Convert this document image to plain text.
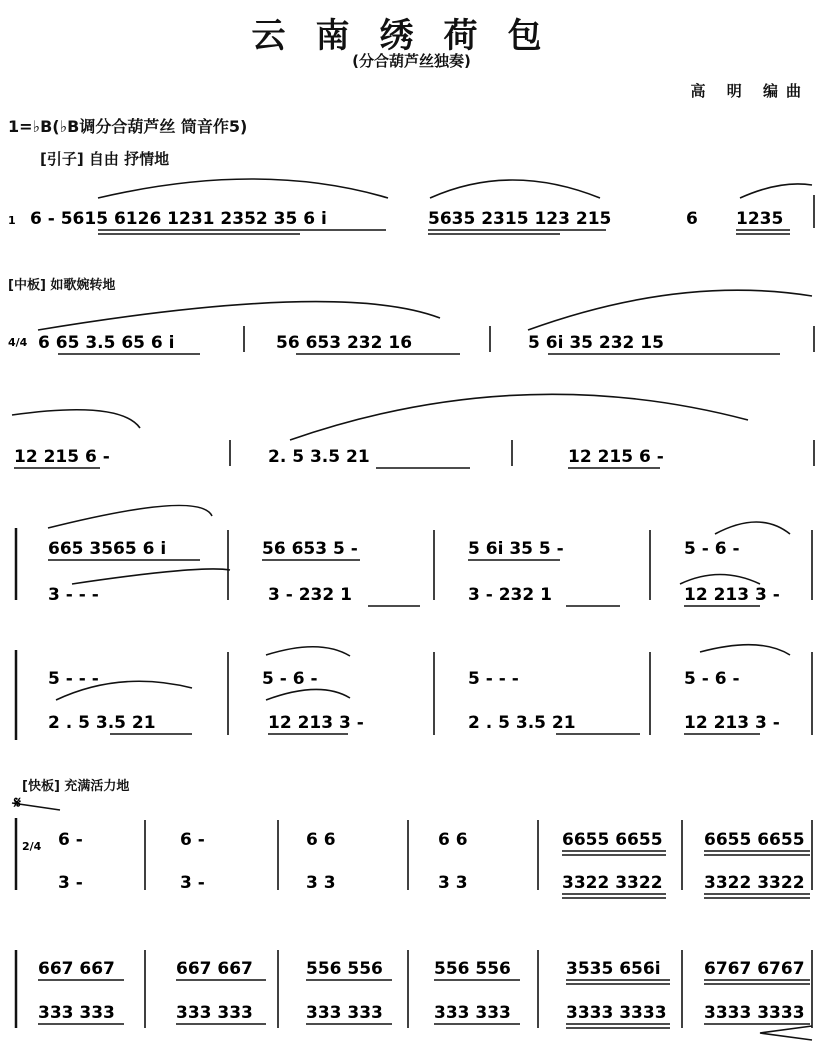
云南绣荷包
(分合葫芦丝独奏)
高 明 编曲
1=♭B(♭B调分合葫芦丝 筒音作5)
[引子] 自由 抒情地
[中板] 如歌婉转地
[快板] 充满活力地
6 - 5615 6126 1231 2352 35 6 i	5635 2315 123 215	6 1235
1
4/4 6 65 3.5 65 6 i	56 653 232 16	5 6i 35 232 15
12 215 6 -	2. 5 3.5 21	12 215 6 -
665 3565 6 i	56 653 5 -	5 6i 35 5 -	5 - 6 -
3 - - -	3 - 232 1	3 - 232 1	12 213 3 -
5 - - -	5 - 6 -	5 - - -	5 - 6 -
2 . 5 3.5 21	12 213 3 -	2 . 5 3.5 21	12 213 3 -
2/4 6 -	6 -	6 6	6 6	6655 6655 6655 6655
3 -	3 -	3 3	3 3	3322 3322 3322 3322
667 667	667 667	556 556	556 556	3535 656i	6767 6767
333 333	333 333	333 333	333 333	3333 3333 3333 3333
𝄋
